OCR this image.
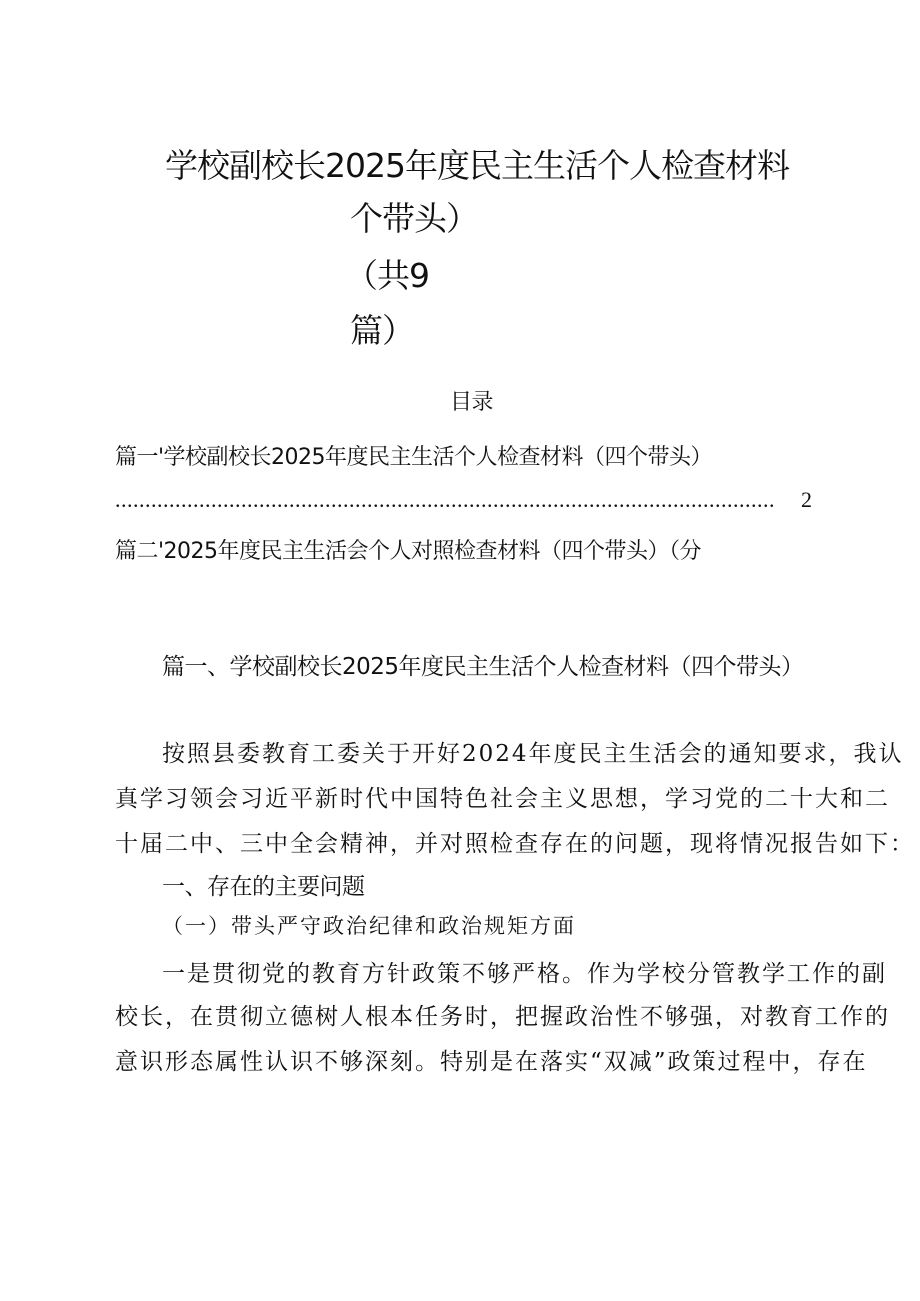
学校副校长2025年度民主生活个人检查材料
个带头）
（共9
篇）
目录
篇一'学校副校长2025年度民主生活个人检查材料（四个带头）
..............................................................................................................	2
篇二'2025年度民主生活会个人对照检查材料（四个带头）（分
篇一、学校副校长2025年度民主生活个人检查材料（四个带头）
按照县委教育工委关于开好2024年度民主生活会的通知要求，我认
真学习领会习近平新时代中国特色社会主义思想，学习党的二十大和二
十届二中、三中全会精神，并对照检查存在的问题，现将情况报告如下：
一、存在的主要问题
（一）带头严守政治纪律和政治规矩方面
一是贯彻党的教育方针政策不够严格。作为学校分管教学工作的副
校长，在贯彻立德树人根本任务时，把握政治性不够强，对教育工作的
意识形态属性认识不够深刻。特别是在落实“双减”政策过程中，存在
